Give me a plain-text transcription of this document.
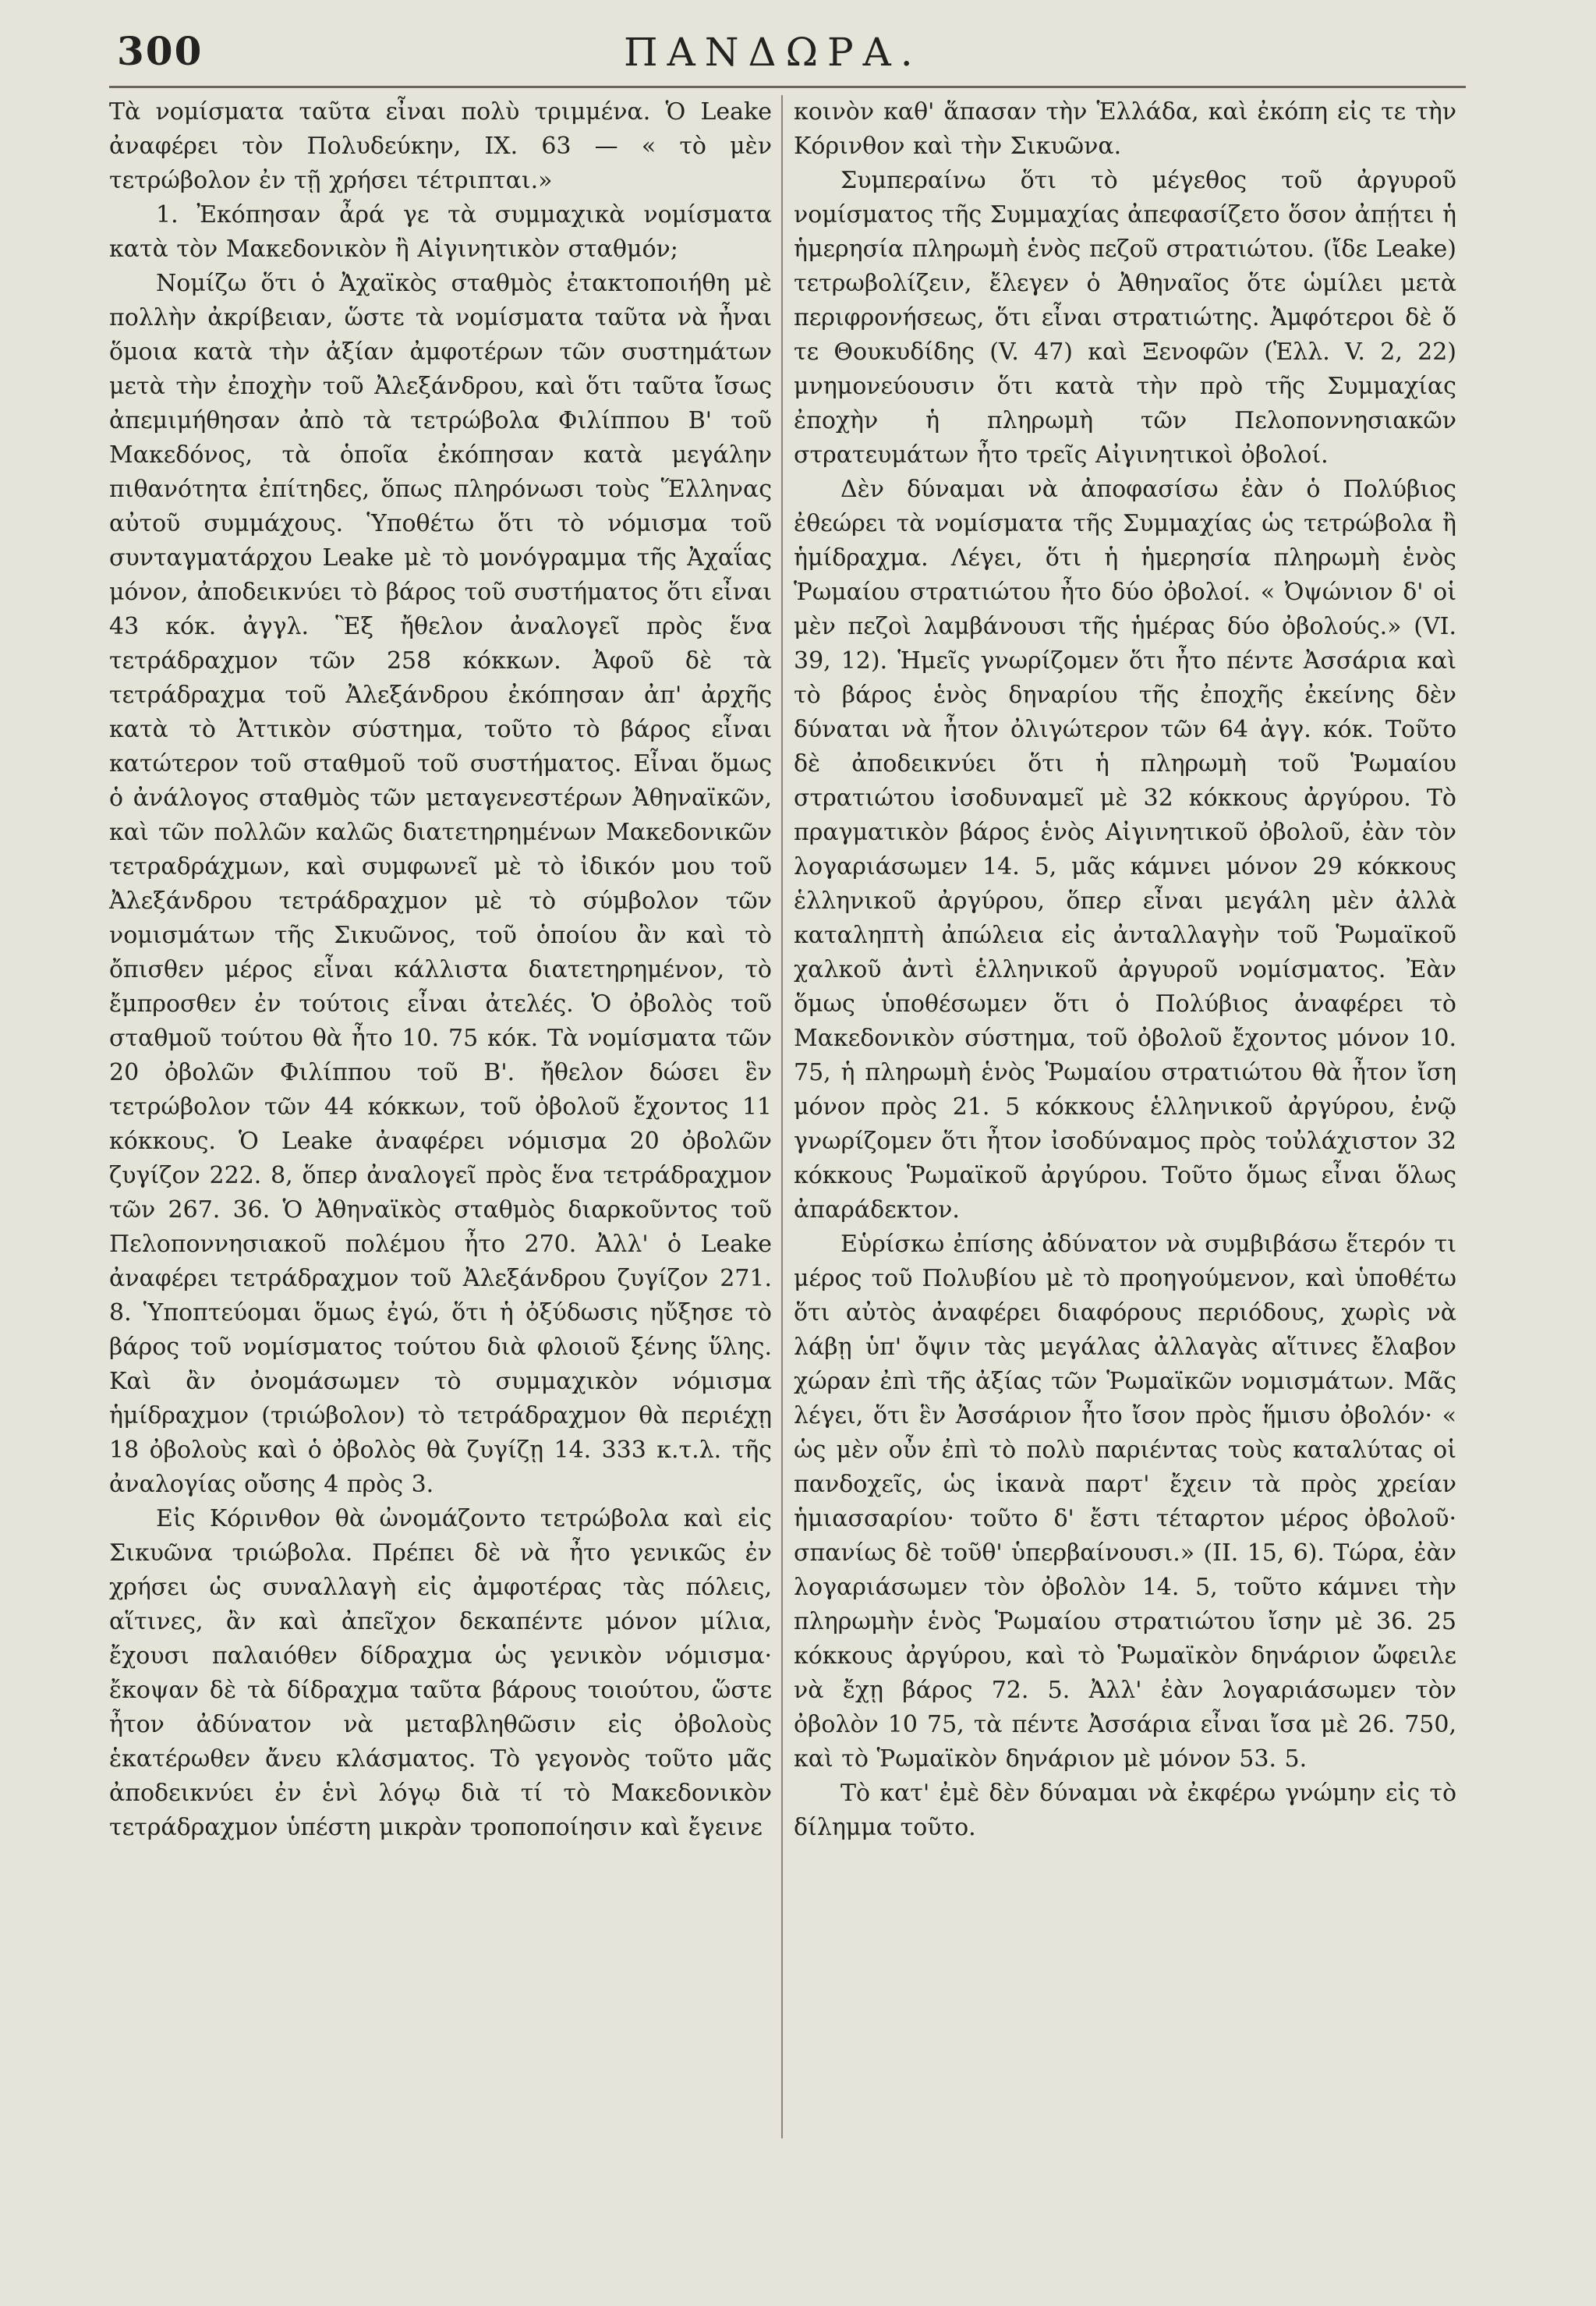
300	ΠΑΝΔΩΡΑ.

Τὰ νομίσματα ταῦτα εἶναι πολὺ τριμμένα. Ὁ Leake ἀναφέρει τὸν Πολυδεύκην, IX. 63 — « τὸ μὲν τετρώβολον ἐν τῇ χρήσει τέτριπται.»

1. Ἐκόπησαν ἆρά γε τὰ συμμαχικὰ νομίσματα κατὰ τὸν Μακεδονικὸν ἢ Αἰγινητικὸν σταθμόν;

Νομίζω ὅτι ὁ Ἀχαϊκὸς σταθμὸς ἐτακτοποιήθη μὲ πολλὴν ἀκρίβειαν, ὥστε τὰ νομίσματα ταῦτα νὰ ἦναι ὅμοια κατὰ τὴν ἀξίαν ἀμφοτέρων τῶν συστημάτων μετὰ τὴν ἐποχὴν τοῦ Ἀλεξάνδρου, καὶ ὅτι ταῦτα ἴσως ἀπεμιμήθησαν ἀπὸ τὰ τετρώβολα Φιλίππου Β' τοῦ Μακεδόνος, τὰ ὁποῖα ἐκόπησαν κατὰ μεγάλην πιθανότητα ἐπίτηδες, ὅπως πληρόνωσι τοὺς Ἕλληνας αὐτοῦ συμμάχους. Ὑποθέτω ὅτι τὸ νόμισμα τοῦ συνταγματάρχου Leake μὲ τὸ μονόγραμμα τῆς Ἀχαΐας μόνον, ἀποδεικνύει τὸ βάρος τοῦ συστήματος ὅτι εἶναι 43 κόκ. ἀγγλ. Ἓξ ἤθελον ἀναλογεῖ πρὸς ἕνα τετράδραχμον τῶν 258 κόκκων. Ἀφοῦ δὲ τὰ τετράδραχμα τοῦ Ἀλεξάνδρου ἐκόπησαν ἀπ' ἀρχῆς κατὰ τὸ Ἀττικὸν σύστημα, τοῦτο τὸ βάρος εἶναι κατώτερον τοῦ σταθμοῦ τοῦ συστήματος. Εἶναι ὅμως ὁ ἀνάλογος σταθμὸς τῶν μεταγενεστέρων Ἀθηναϊκῶν, καὶ τῶν πολλῶν καλῶς διατετηρημένων Μακεδονικῶν τετραδράχμων, καὶ συμφωνεῖ μὲ τὸ ἰδικόν μου τοῦ Ἀλεξάνδρου τετράδραχμον μὲ τὸ σύμβολον τῶν νομισμάτων τῆς Σικυῶνος, τοῦ ὁποίου ἂν καὶ τὸ ὄπισθεν μέρος εἶναι κάλλιστα διατετηρημένον, τὸ ἔμπροσθεν ἐν τούτοις εἶναι ἀτελές. Ὁ ὀβολὸς τοῦ σταθμοῦ τούτου θὰ ἦτο 10. 75 κόκ. Τὰ νομίσματα τῶν 20 ὀβολῶν Φιλίππου τοῦ Β'. ἤθελον δώσει ἓν τετρώβολον τῶν 44 κόκκων, τοῦ ὀβολοῦ ἔχοντος 11 κόκκους. Ὁ Leake ἀναφέρει νόμισμα 20 ὀβολῶν ζυγίζον 222. 8, ὅπερ ἀναλογεῖ πρὸς ἕνα τετράδραχμον τῶν 267. 36. Ὁ Ἀθηναϊκὸς σταθμὸς διαρκοῦντος τοῦ Πελοποννησιακοῦ πολέμου ἦτο 270. Ἀλλ' ὁ Leake ἀναφέρει τετράδραχμον τοῦ Ἀλεξάνδρου ζυγίζον 271. 8. Ὑποπτεύομαι ὅμως ἐγώ, ὅτι ἡ ὀξύδωσις ηὔξησε τὸ βάρος τοῦ νομίσματος τούτου διὰ φλοιοῦ ξένης ὕλης. Καὶ ἂν ὀνομάσωμεν τὸ συμμαχικὸν νόμισμα ἡμίδραχμον (τριώβολον) τὸ τετράδραχμον θὰ περιέχῃ 18 ὀβολοὺς καὶ ὁ ὀβολὸς θὰ ζυγίζῃ 14. 333 κ.τ.λ. τῆς ἀναλογίας οὔσης 4 πρὸς 3.

Εἰς Κόρινθον θὰ ὠνομάζοντο τετρώβολα καὶ εἰς Σικυῶνα τριώβολα. Πρέπει δὲ νὰ ἦτο γενικῶς ἐν χρήσει ὡς συναλλαγὴ εἰς ἀμφοτέρας τὰς πόλεις, αἵτινες, ἂν καὶ ἀπεῖχον δεκαπέντε μόνον μίλια, ἔχουσι παλαιόθεν δίδραχμα ὡς γενικὸν νόμισμα· ἔκοψαν δὲ τὰ δίδραχμα ταῦτα βάρους τοιούτου, ὥστε ἦτον ἀδύνατον νὰ μεταβληθῶσιν εἰς ὀβολοὺς ἑκατέρωθεν ἄνευ κλάσματος. Τὸ γεγονὸς τοῦτο μᾶς ἀποδεικνύει ἐν ἑνὶ λόγῳ διὰ τί τὸ Μακεδονικὸν τετράδραχμον ὑπέστη μικρὰν τροποποίησιν καὶ ἔγεινε

κοινὸν καθ' ἅπασαν τὴν Ἑλλάδα, καὶ ἐκόπη εἰς τε τὴν Κόρινθον καὶ τὴν Σικυῶνα.

Συμπεραίνω ὅτι τὸ μέγεθος τοῦ ἀργυροῦ νομίσματος τῆς Συμμαχίας ἀπεφασίζετο ὅσον ἀπῄτει ἡ ἡμερησία πληρωμὴ ἑνὸς πεζοῦ στρατιώτου. (ἴδε Leake) τετρωβολίζειν, ἔλεγεν ὁ Ἀθηναῖος ὅτε ὡμίλει μετὰ περιφρονήσεως, ὅτι εἶναι στρατιώτης. Ἀμφότεροι δὲ ὅ τε Θουκυδίδης (V. 47) καὶ Ξενοφῶν (Ἑλλ. V. 2, 22) μνημονεύουσιν ὅτι κατὰ τὴν πρὸ τῆς Συμμαχίας ἐποχὴν ἡ πληρωμὴ τῶν Πελοποννησιακῶν στρατευμάτων ἦτο τρεῖς Αἰγινητικοὶ ὀβολοί.

Δὲν δύναμαι νὰ ἀποφασίσω ἐὰν ὁ Πολύβιος ἐθεώρει τὰ νομίσματα τῆς Συμμαχίας ὡς τετρώβολα ἢ ἡμίδραχμα. Λέγει, ὅτι ἡ ἡμερησία πληρωμὴ ἑνὸς Ῥωμαίου στρατιώτου ἦτο δύο ὀβολοί. « Ὀψώνιον δ' οἱ μὲν πεζοὶ λαμβάνουσι τῆς ἡμέρας δύο ὀβολούς.» (VI. 39, 12). Ἡμεῖς γνωρίζομεν ὅτι ἦτο πέντε Ἀσσάρια καὶ τὸ βάρος ἑνὸς δηναρίου τῆς ἐποχῆς ἐκείνης δὲν δύναται νὰ ἦτον ὀλιγώτερον τῶν 64 ἀγγ. κόκ. Τοῦτο δὲ ἀποδεικνύει ὅτι ἡ πληρωμὴ τοῦ Ῥωμαίου στρατιώτου ἰσοδυναμεῖ μὲ 32 κόκκους ἀργύρου. Τὸ πραγματικὸν βάρος ἑνὸς Αἰγινητικοῦ ὀβολοῦ, ἐὰν τὸν λογαριάσωμεν 14. 5, μᾶς κάμνει μόνον 29 κόκκους ἑλληνικοῦ ἀργύρου, ὅπερ εἶναι μεγάλη μὲν ἀλλὰ καταληπτὴ ἀπώλεια εἰς ἀνταλλαγὴν τοῦ Ῥωμαϊκοῦ χαλκοῦ ἀντὶ ἑλληνικοῦ ἀργυροῦ νομίσματος. Ἐὰν ὅμως ὑποθέσωμεν ὅτι ὁ Πολύβιος ἀναφέρει τὸ Μακεδονικὸν σύστημα, τοῦ ὀβολοῦ ἔχοντος μόνον 10. 75, ἡ πληρωμὴ ἑνὸς Ῥωμαίου στρατιώτου θὰ ἦτον ἴση μόνον πρὸς 21. 5 κόκκους ἑλληνικοῦ ἀργύρου, ἐνῷ γνωρίζομεν ὅτι ἦτον ἰσοδύναμος πρὸς τοὐλάχιστον 32 κόκκους Ῥωμαϊκοῦ ἀργύρου. Τοῦτο ὅμως εἶναι ὅλως ἀπαράδεκτον.

Εὑρίσκω ἐπίσης ἀδύνατον νὰ συμβιβάσω ἕτερόν τι μέρος τοῦ Πολυβίου μὲ τὸ προηγούμενον, καὶ ὑποθέτω ὅτι αὐτὸς ἀναφέρει διαφόρους περιόδους, χωρὶς νὰ λάβῃ ὑπ' ὄψιν τὰς μεγάλας ἀλλαγὰς αἵτινες ἔλαβον χώραν ἐπὶ τῆς ἀξίας τῶν Ῥωμαϊκῶν νομισμάτων. Μᾶς λέγει, ὅτι ἓν Ἀσσάριον ἦτο ἴσον πρὸς ἥμισυ ὀβολόν· « ὡς μὲν οὖν ἐπὶ τὸ πολὺ παριέντας τοὺς καταλύτας οἱ πανδοχεῖς, ὡς ἱκανὰ παρτ' ἔχειν τὰ πρὸς χρείαν ἡμιασσαρίου· τοῦτο δ' ἔστι τέταρτον μέρος ὀβολοῦ· σπανίως δὲ τοῦθ' ὑπερβαίνουσι.» (ΙΙ. 15, 6). Τώρα, ἐὰν λογαριάσωμεν τὸν ὀβολὸν 14. 5, τοῦτο κάμνει τὴν πληρωμὴν ἑνὸς Ῥωμαίου στρατιώτου ἴσην μὲ 36. 25 κόκκους ἀργύρου, καὶ τὸ Ῥωμαϊκὸν δηνάριον ὤφειλε νὰ ἔχῃ βάρος 72. 5. Ἀλλ' ἐὰν λογαριάσωμεν τὸν ὀβολὸν 10 75, τὰ πέντε Ἀσσάρια εἶναι ἴσα μὲ 26. 750, καὶ τὸ Ῥωμαϊκὸν δηνάριον μὲ μόνον 53. 5.

Τὸ κατ' ἐμὲ δὲν δύναμαι νὰ ἐκφέρω γνώμην εἰς τὸ δίλημμα τοῦτο.
